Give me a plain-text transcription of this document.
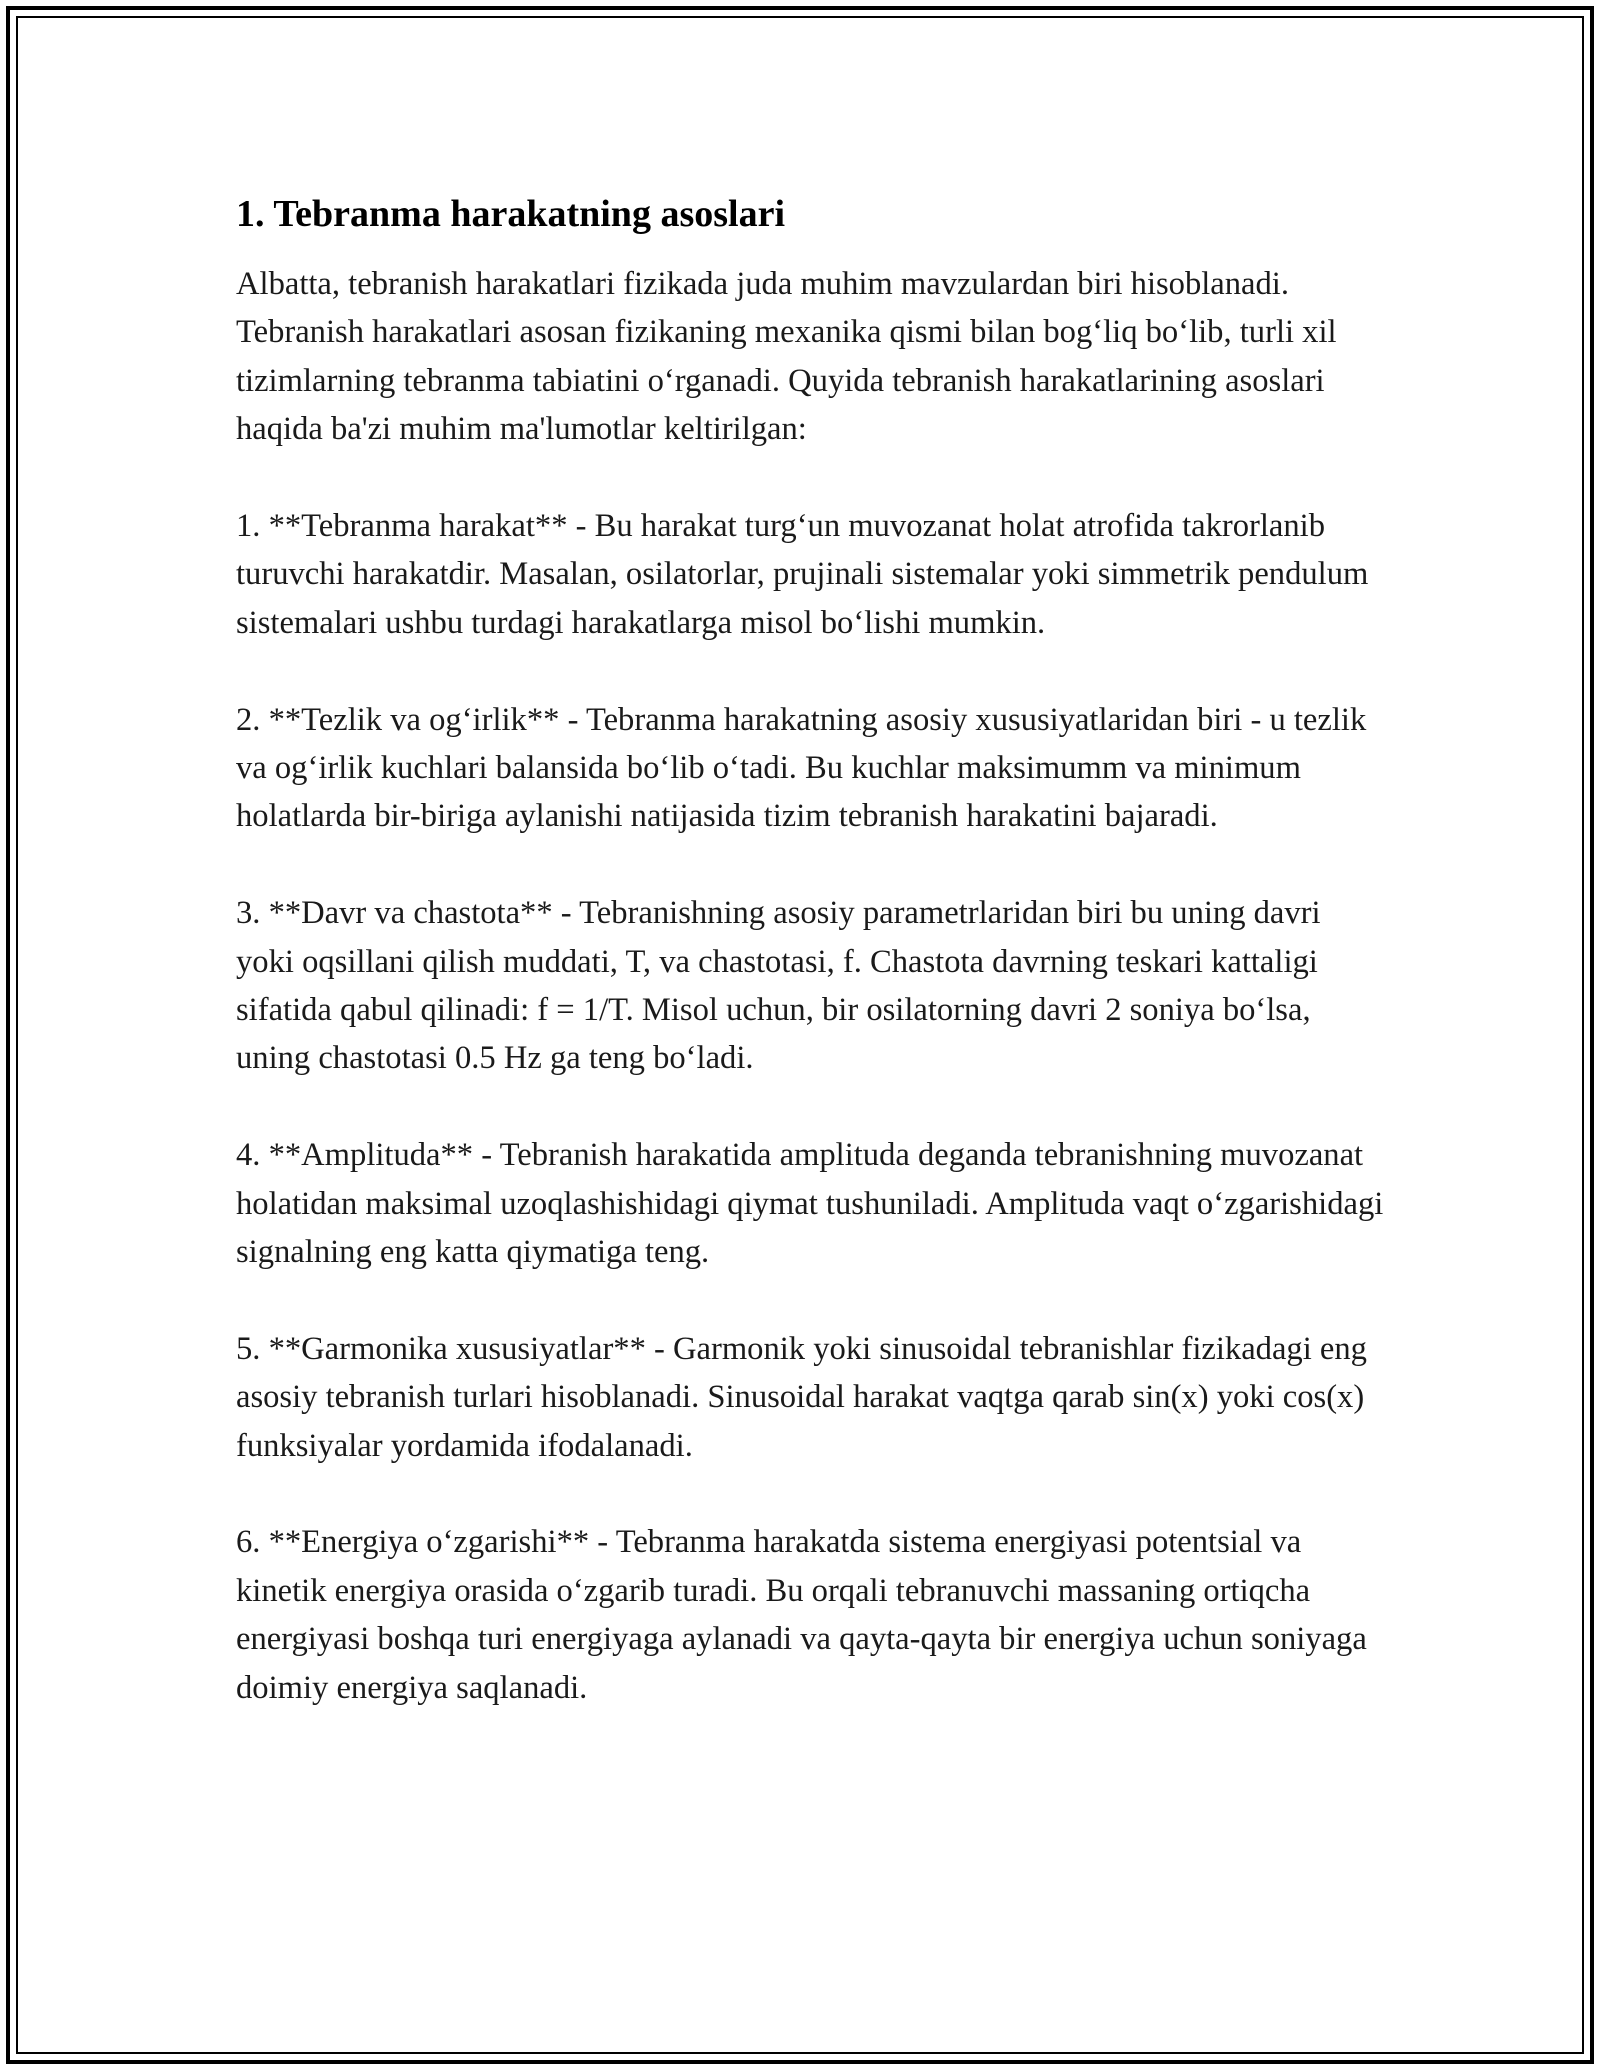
1. Tebranma harakatning asoslari

Albatta, tebranish harakatlari fizikada juda muhim mavzulardan biri hisoblanadi. Tebranish harakatlari asosan fizikaning mexanika qismi bilan bog‘liq bo‘lib, turli xil tizimlarning tebranma tabiatini o‘rganadi. Quyida tebranish harakatlarining asoslari haqida ba'zi muhim ma'lumotlar keltirilgan:

1. **Tebranma harakat** - Bu harakat turg‘un muvozanat holat atrofida takrorlanib turuvchi harakatdir. Masalan, osilatorlar, prujinali sistemalar yoki simmetrik pendulum sistemalari ushbu turdagi harakatlarga misol bo‘lishi mumkin.

2. **Tezlik va og‘irlik** - Tebranma harakatning asosiy xususiyatlaridan biri - u tezlik va og‘irlik kuchlari balansida bo‘lib o‘tadi. Bu kuchlar maksimumm va minimum holatlarda bir-biriga aylanishi natijasida tizim tebranish harakatini bajaradi.

3. **Davr va chastota** - Tebranishning asosiy parametrlaridan biri bu uning davri yoki oqsillani qilish muddati, T, va chastotasi, f. Chastota davrning teskari kattaligi sifatida qabul qilinadi: f = 1/T. Misol uchun, bir osilatorning davri 2 soniya bo‘lsa, uning chastotasi 0.5 Hz ga teng bo‘ladi.

4. **Amplituda** - Tebranish harakatida amplituda deganda tebranishning muvozanat holatidan maksimal uzoqlashishidagi qiymat tushuniladi. Amplituda vaqt o‘zgarishidagi signalning eng katta qiymatiga teng.

5. **Garmonika xususiyatlar** - Garmonik yoki sinusoidal tebranishlar fizikadagi eng asosiy tebranish turlari hisoblanadi. Sinusoidal harakat vaqtga qarab sin(x) yoki cos(x) funksiyalar yordamida ifodalanadi.

6. **Energiya o‘zgarishi** - Tebranma harakatda sistema energiyasi potentsial va kinetik energiya orasida o‘zgarib turadi. Bu orqali tebranuvchi massaning ortiqcha energiyasi boshqa turi energiyaga aylanadi va qayta-qayta bir energiya uchun soniyaga doimiy energiya saqlanadi.
